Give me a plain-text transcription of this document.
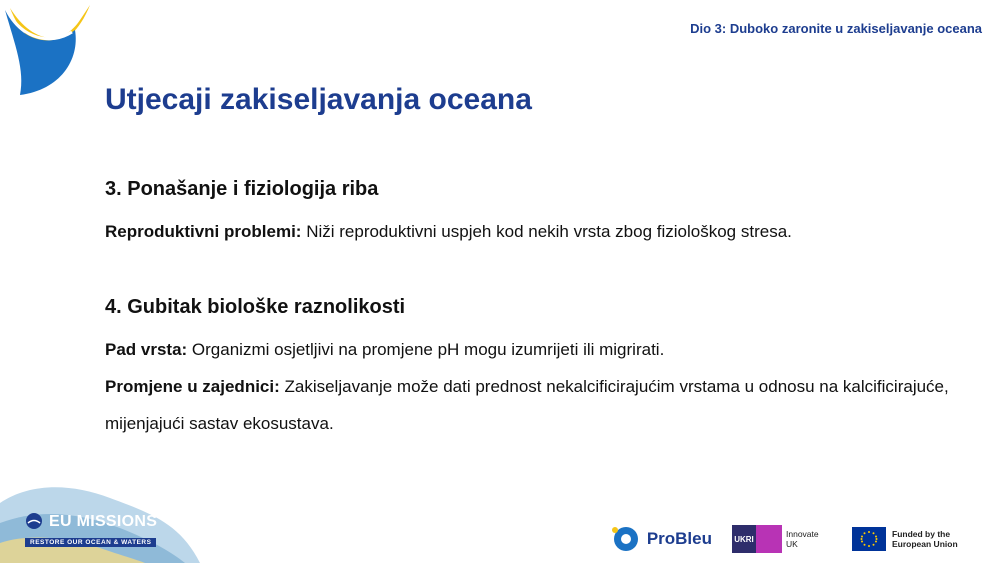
Dio 3: Duboko zaronite u zakiseljavanje oceana
Utjecaji zakiseljavanja oceana

3. Ponašanje i fiziologija riba

Reproduktivni problemi: Niži reproduktivni uspjeh kod nekih vrsta zbog fiziološkog stresa.

4. Gubitak biološke raznolikosti

Pad vrsta: Organizmi osjetljivi na promjene pH mogu izumrijeti ili migrirati.

Promjene u zajednici: Zakiseljavanje može dati prednost nekalcificirajućim vrstama u odnosu na kalcificirajuće, mijenjajući sastav ekosustava.

EU MISSIONS
RESTORE OUR OCEAN & WATERS	ProBleu	UKRI	Innovate UK
Funded by the European Union
